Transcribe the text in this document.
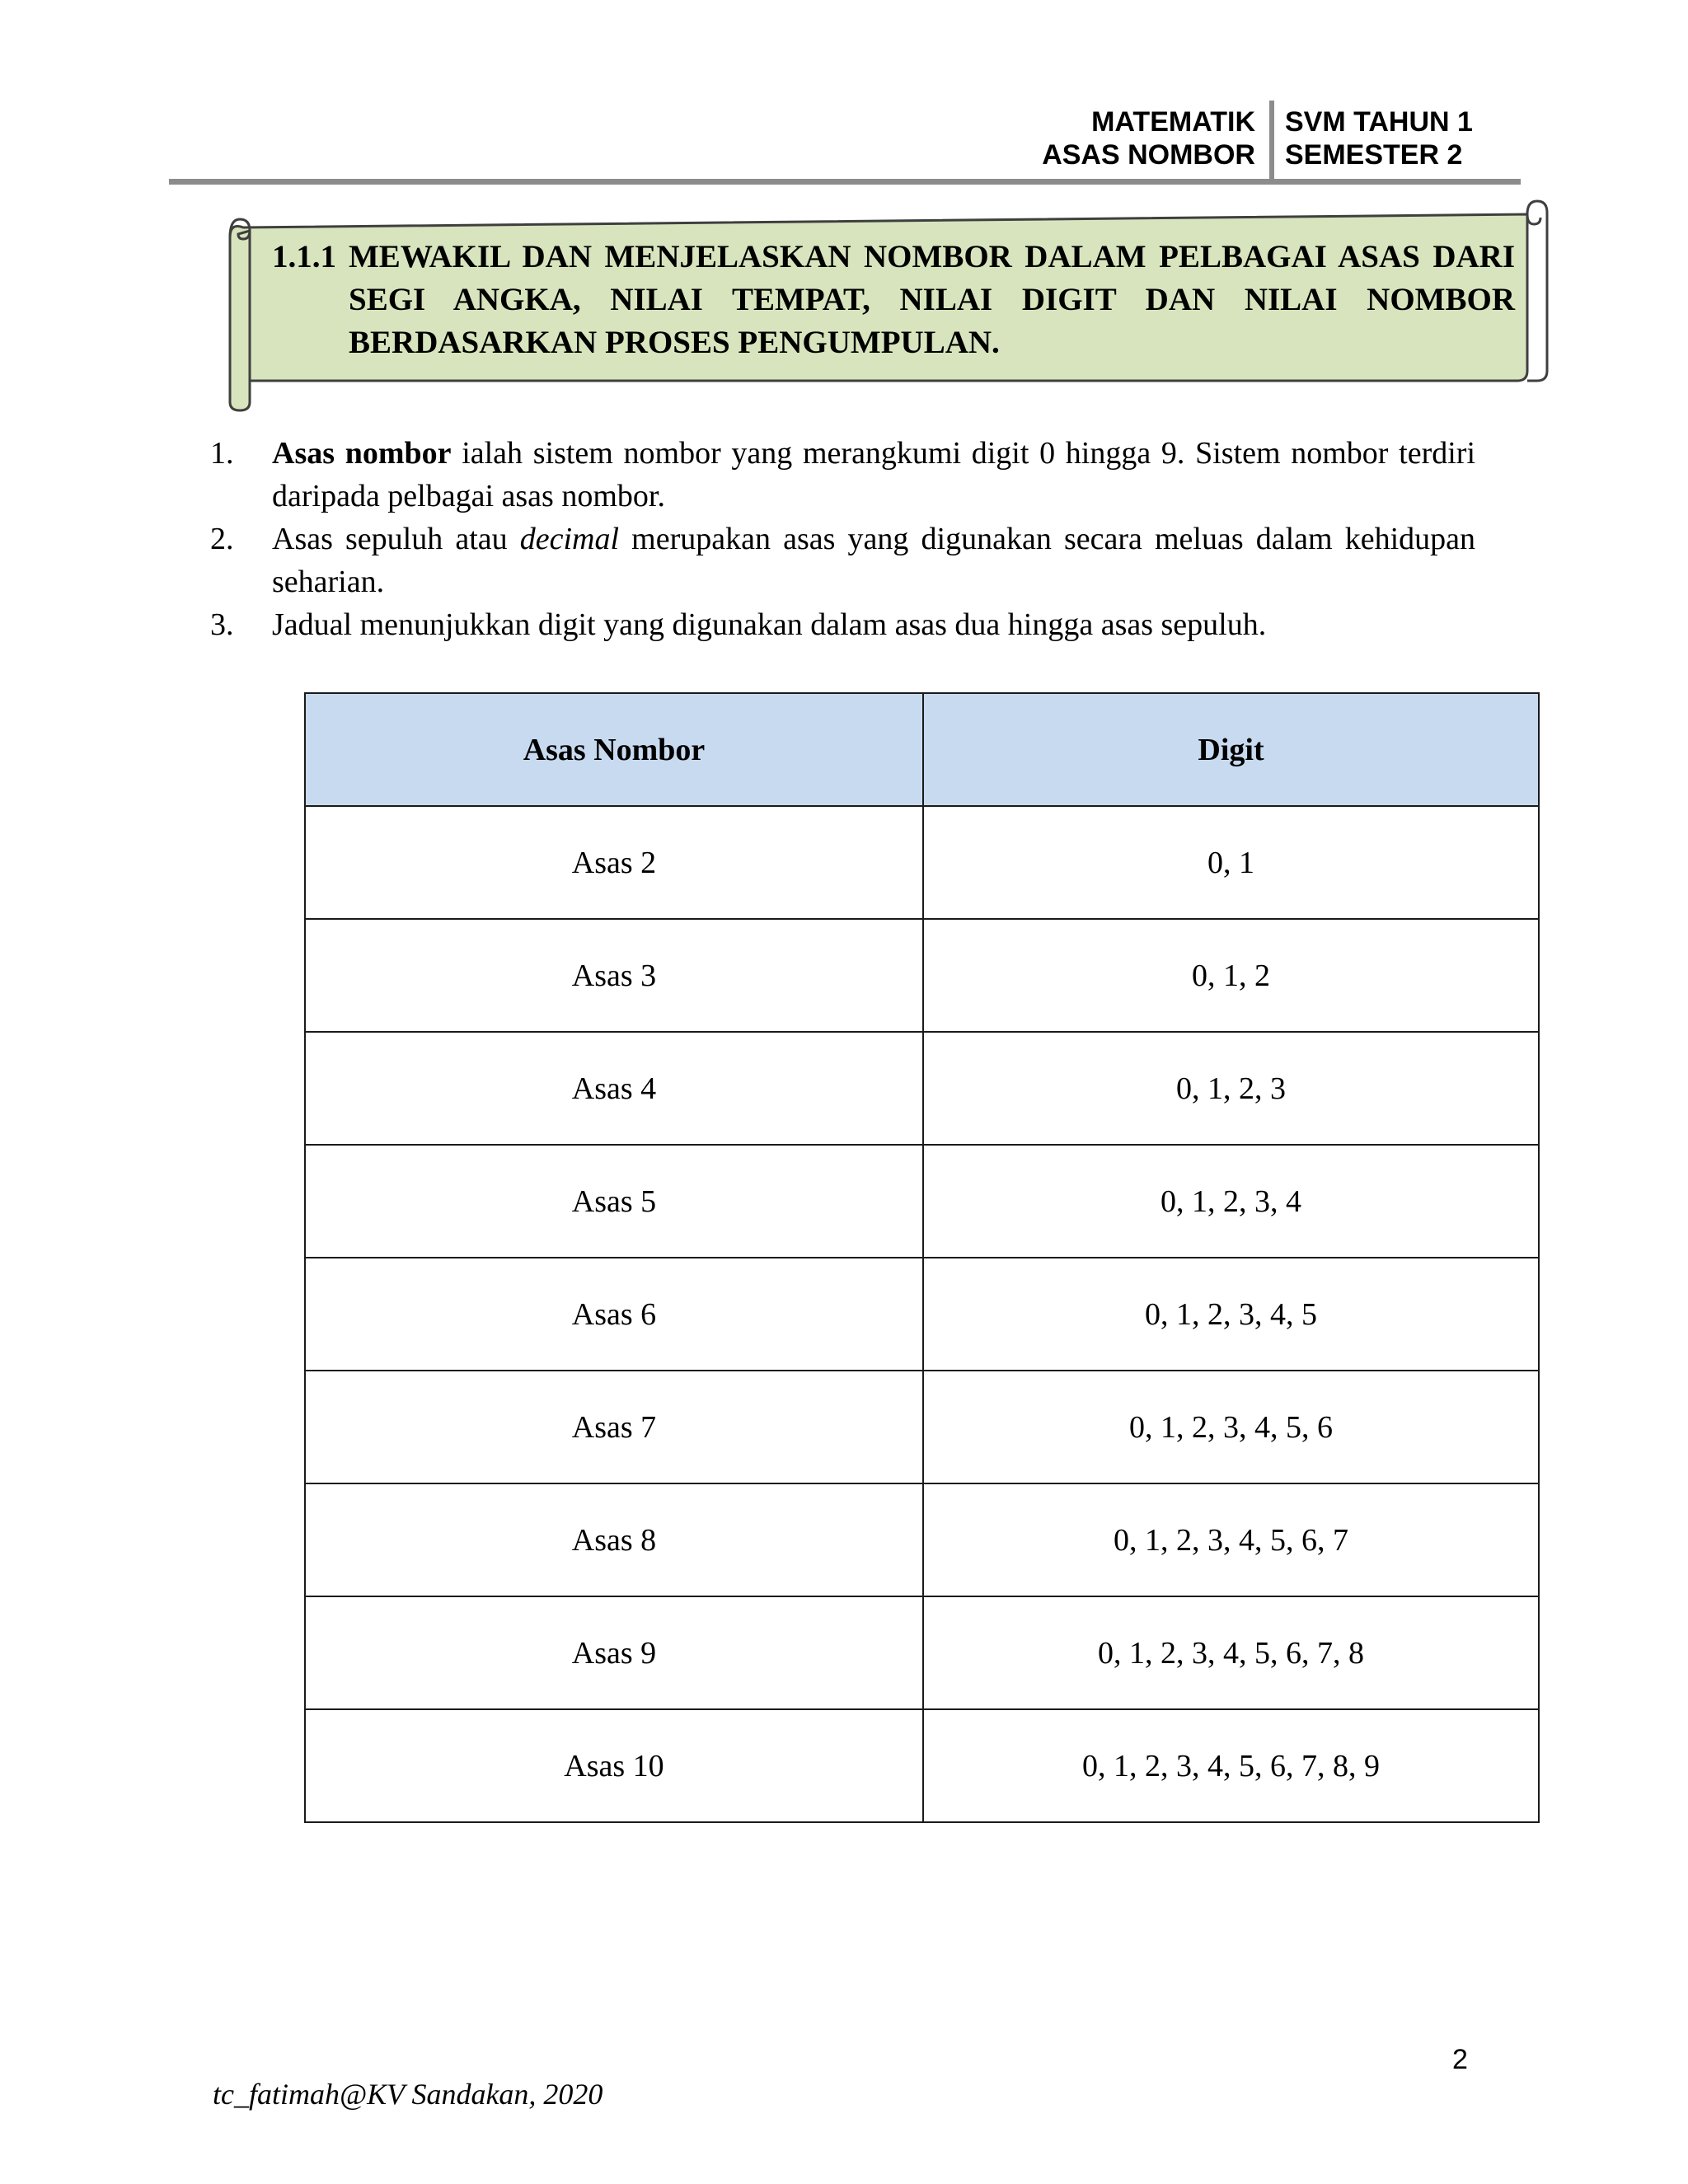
MATEMATIK
ASAS NOMBOR
SVM TAHUN 1
SEMESTER 2
1.1.1 MEWAKIL DAN MENJELASKAN NOMBOR DALAM PELBAGAI ASAS DARI SEGI ANGKA, NILAI TEMPAT, NILAI DIGIT DAN NILAI NOMBOR BERDASARKAN PROSES PENGUMPULAN.
1. Asas nombor ialah sistem nombor yang merangkumi digit 0 hingga 9. Sistem nombor terdiri daripada pelbagai asas nombor.
2. Asas sepuluh atau decimal merupakan asas yang digunakan secara meluas dalam kehidupan seharian.
3. Jadual menunjukkan digit yang digunakan dalam asas dua hingga asas sepuluh.
Asas Nombor	Digit
Asas 2	0, 1
Asas 3	0, 1, 2
Asas 4	0, 1, 2, 3
Asas 5	0, 1, 2, 3, 4
Asas 6	0, 1, 2, 3, 4, 5
Asas 7	0, 1, 2, 3, 4, 5, 6
Asas 8	0, 1, 2, 3, 4, 5, 6, 7
Asas 9	0, 1, 2, 3, 4, 5, 6, 7, 8
Asas 10	0, 1, 2, 3, 4, 5, 6, 7, 8, 9
2
tc_fatimah@KV Sandakan, 2020
